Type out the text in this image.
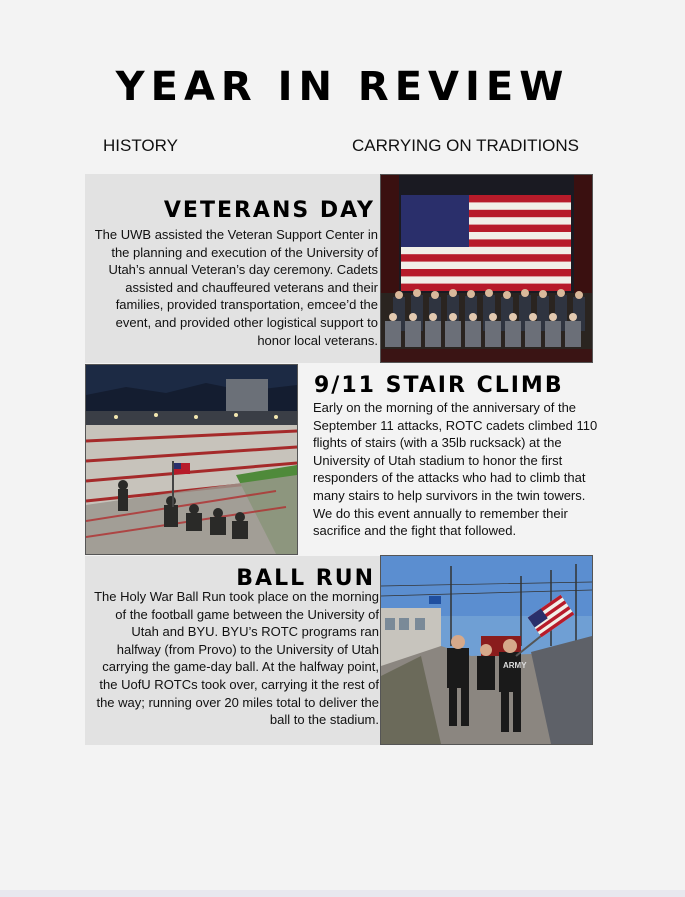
YEAR IN REVIEW
HISTORY	CARRYING ON TRADITIONS
VETERANS DAY
The UWB assisted the Veteran Support Center in the planning and execution of the University of Utah’s annual Veteran’s day ceremony. Cadets assisted and chauffeured veterans and their families, provided transportation, emcee’d the event, and provided other logistical support to honor local veterans.
9/11 STAIR CLIMB
Early on the morning of the anniversary of the September 11 attacks, ROTC cadets climbed 110 flights of stairs (with a 35lb rucksack) at the University of Utah stadium to honor the first responders of the attacks who had to climb that many stairs to help survivors in the twin towers. We do this event annually to remember their sacrifice and the fight that followed.
BALL RUN
The Holy War Ball Run took place on the morning of the football game between the University of Utah and BYU. BYU’s ROTC programs ran halfway (from Provo) to the University of Utah carrying the game-day ball. At the halfway point, the UofU ROTCs took over, carrying it the rest of the way; running over 20 miles total to deliver the ball to the stadium.
ARMY
